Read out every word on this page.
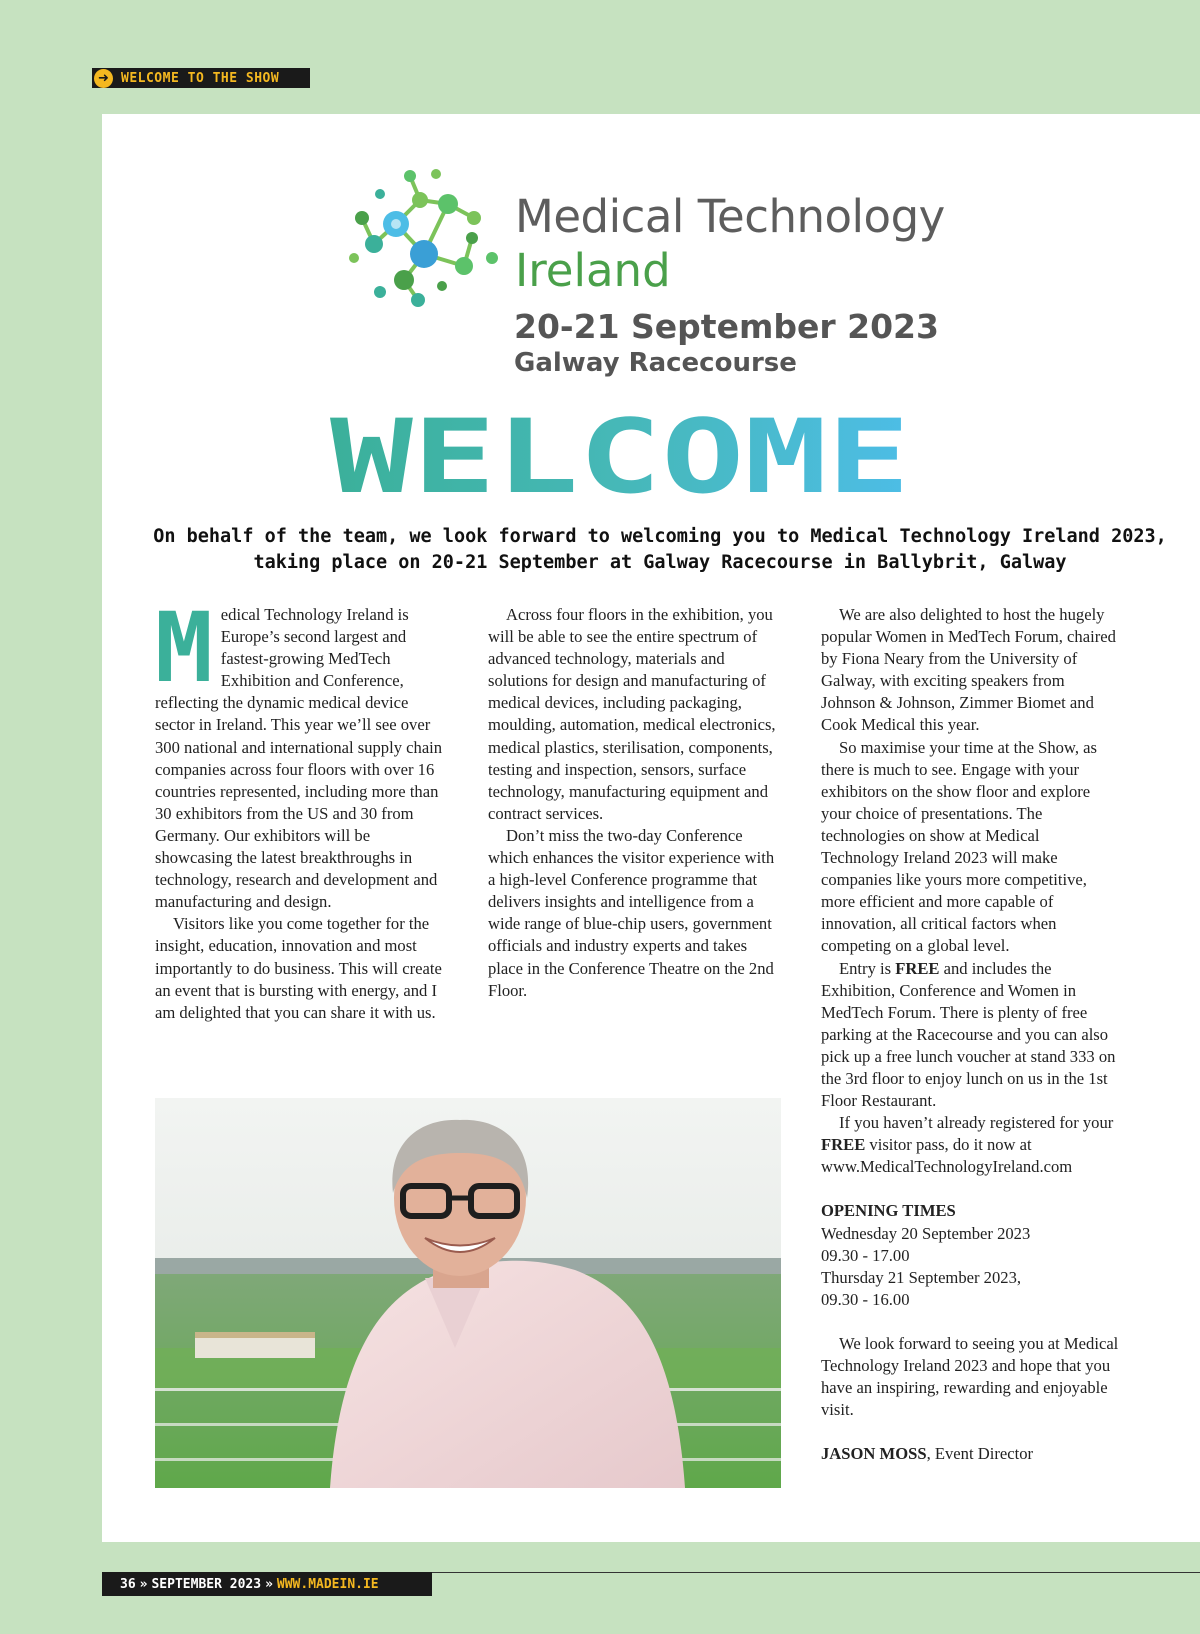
➜ WELCOME TO THE SHOW
Medical Technology
Ireland
20-21 September 2023
Galway Racecourse
WELCOME
On behalf of the team, we look forward to welcoming you to Medical Technology Ireland 2023,
taking place on 20-21 September at Galway Racecourse in Ballybrit, Galway

Medical Technology Ireland is Europe’s second largest and fastest-growing MedTech Exhibition and Conference, reflecting the dynamic medical device sector in Ireland. This year we’ll see over 300 national and international supply chain companies across four floors with over 16 countries represented, including more than 30 exhibitors from the US and 30 from Germany. Our exhibitors will be showcasing the latest breakthroughs in technology, research and development and manufacturing and design.

Visitors like you come together for the insight, education, innovation and most importantly to do business. This will create an event that is bursting with energy, and I am delighted that you can share it with us.

Across four floors in the exhibition, you will be able to see the entire spectrum of advanced technology, materials and solutions for design and manufacturing of medical devices, including packaging, moulding, automation, medical electronics, medical plastics, sterilisation, components, testing and inspection, sensors, surface technology, manufacturing equipment and contract services.

Don’t miss the two-day Conference which enhances the visitor experience with a high-level Conference programme that delivers insights and intelligence from a wide range of blue-chip users, government officials and industry experts and takes place in the Conference Theatre on the 2nd Floor.

We are also delighted to host the hugely popular Women in MedTech Forum, chaired by Fiona Neary from the University of Galway, with exciting speakers from Johnson & Johnson, Zimmer Biomet and Cook Medical this year.

So maximise your time at the Show, as there is much to see. Engage with your exhibitors on the show floor and explore your choice of presentations. The technologies on show at Medical Technology Ireland 2023 will make companies like yours more competitive, more efficient and more capable of innovation, all critical factors when competing on a global level.

Entry is FREE and includes the Exhibition, Conference and Women in MedTech Forum. There is plenty of free parking at the Racecourse and you can also pick up a free lunch voucher at stand 333 on the 3rd floor to enjoy lunch on us in the 1st Floor Restaurant.

If you haven’t already registered for your FREE visitor pass, do it now at www.MedicalTechnologyIreland.com

OPENING TIMES

Wednesday 20 September 2023

09.30 - 17.00

Thursday 21 September 2023,

09.30 - 16.00

We look forward to seeing you at Medical Technology Ireland 2023 and hope that you have an inspiring, rewarding and enjoyable visit.

JASON MOSS, Event Director

36 » SEPTEMBER 2023 » WWW.MADEIN.IE
